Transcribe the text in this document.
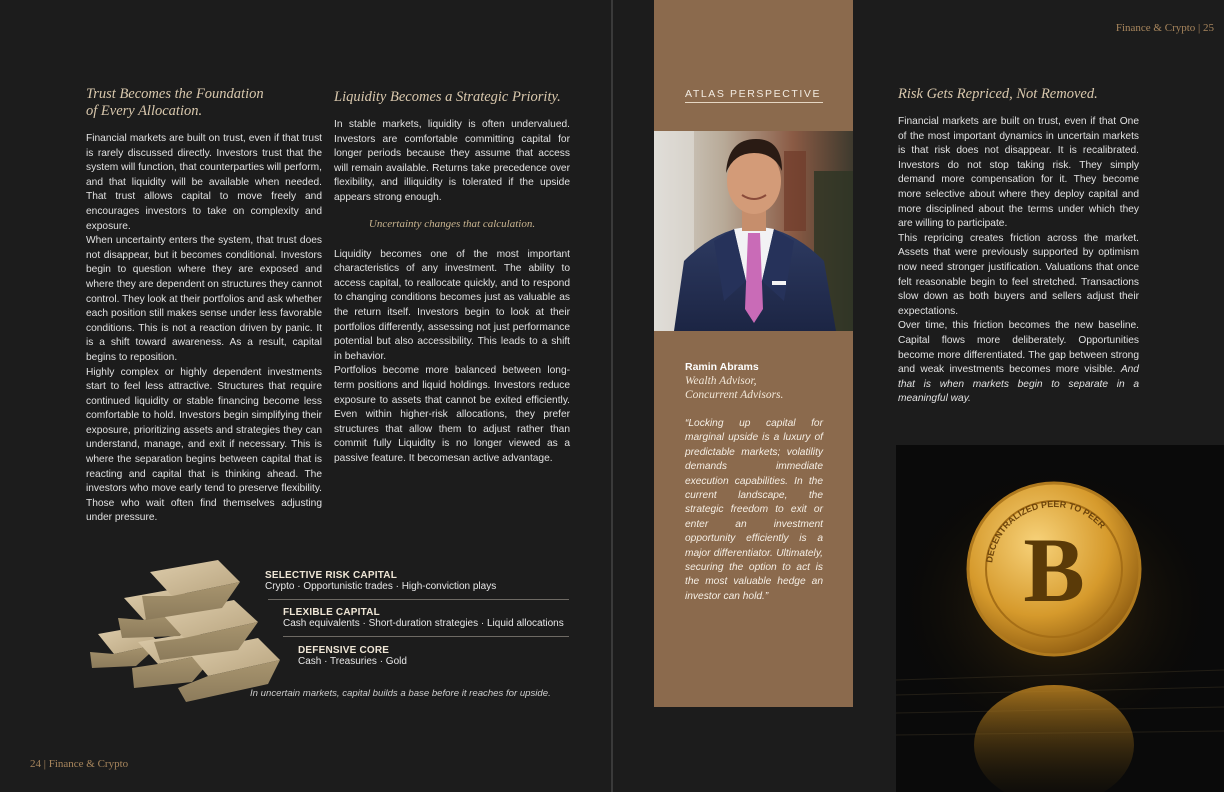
Trust Becomes the Foundation
of Every Allocation.

Financial markets are built on trust, even if that trust is rarely discussed directly. Investors trust that the system will function, that counterparties will perform, and that liquidity will be available when needed. That trust allows capital to move freely and encourages investors to take on complexity and exposure.

When uncertainty enters the system, that trust does not disappear, but it becomes conditional. Investors begin to question where they are exposed and where they are dependent on structures they cannot control. They look at their portfolios and ask whether each position still makes sense under less favorable conditions. This is not a reaction driven by panic. It is a shift toward awareness. As a result, capital begins to reposition.

Highly complex or highly dependent investments start to feel less attractive. Structures that require continued liquidity or stable financing become less comfortable to hold. Investors begin simplifying their exposure, prioritizing assets and strategies they can understand, manage, and exit if necessary. This is where the separation begins between capital that is reacting and capital that is thinking ahead. The investors who move early tend to preserve flexibility. Those who wait often find themselves adjusting under pressure.

Liquidity Becomes a Strategic Priority.

In stable markets, liquidity is often undervalued. Investors are comfortable committing capital for longer periods because they assume that access will remain available. Returns take precedence over flexibility, and illiquidity is tolerated if the upside appears strong enough.

Uncertainty changes that calculation.

Liquidity becomes one of the most important characteristics of any investment. The ability to access capital, to reallocate quickly, and to respond to changing conditions becomes just as valuable as the return itself. Investors begin to look at their portfolios differently, assessing not just performance potential but also accessibility. This leads to a shift in behavior.

Portfolios become more balanced between long-term positions and liquid holdings. Investors reduce exposure to assets that cannot be exited efficiently. Even within higher-risk allocations, they prefer structures that allow them to adjust rather than commit fully Liquidity is no longer viewed as a passive feature. It becomesan active advantage.

SELECTIVE RISK CAPITAL
Crypto · Opportunistic trades · High-conviction plays
FLEXIBLE CAPITAL
Cash equivalents · Short-duration strategies · Liquid allocations
DEFENSIVE CORE
Cash · Treasuries · Gold
In uncertain markets, capital builds a base before it reaches for upside.
24 | Finance & Crypto
Finance & Crypto | 25
ATLAS PERSPECTIVE
Ramin Abrams
Wealth Advisor,
Concurrent Advisors.
“Locking up capital for marginal upside is a luxury of predictable markets; volatility demands immediate execution capabilities. In the current landscape, the strategic freedom to exit or enter an investment opportunity efficiently is a major differentiator. Ultimately, securing the option to act is the most valuable hedge an investor can hold.”
Risk Gets Repriced, Not Removed.

Financial markets are built on trust, even if that One of the most important dynamics in uncertain markets is that risk does not disappear. It is recalibrated. Investors do not stop taking risk. They simply demand more compensation for it. They become more selective about where they deploy capital and more disciplined about the terms under which they are willing to participate.

This repricing creates friction across the market. Assets that were previously supported by optimism now need stronger justification. Valuations that once felt reasonable begin to feel stretched. Transactions slow down as both buyers and sellers adjust their expectations.

Over time, this friction becomes the new baseline. Capital flows more deliberately. Opportunities become more differentiated. The gap between strong and weak investments becomes more visible. And that is when markets begin to separate in a meaningful way.

DECENTRALIZED PEER TO PEER
B
